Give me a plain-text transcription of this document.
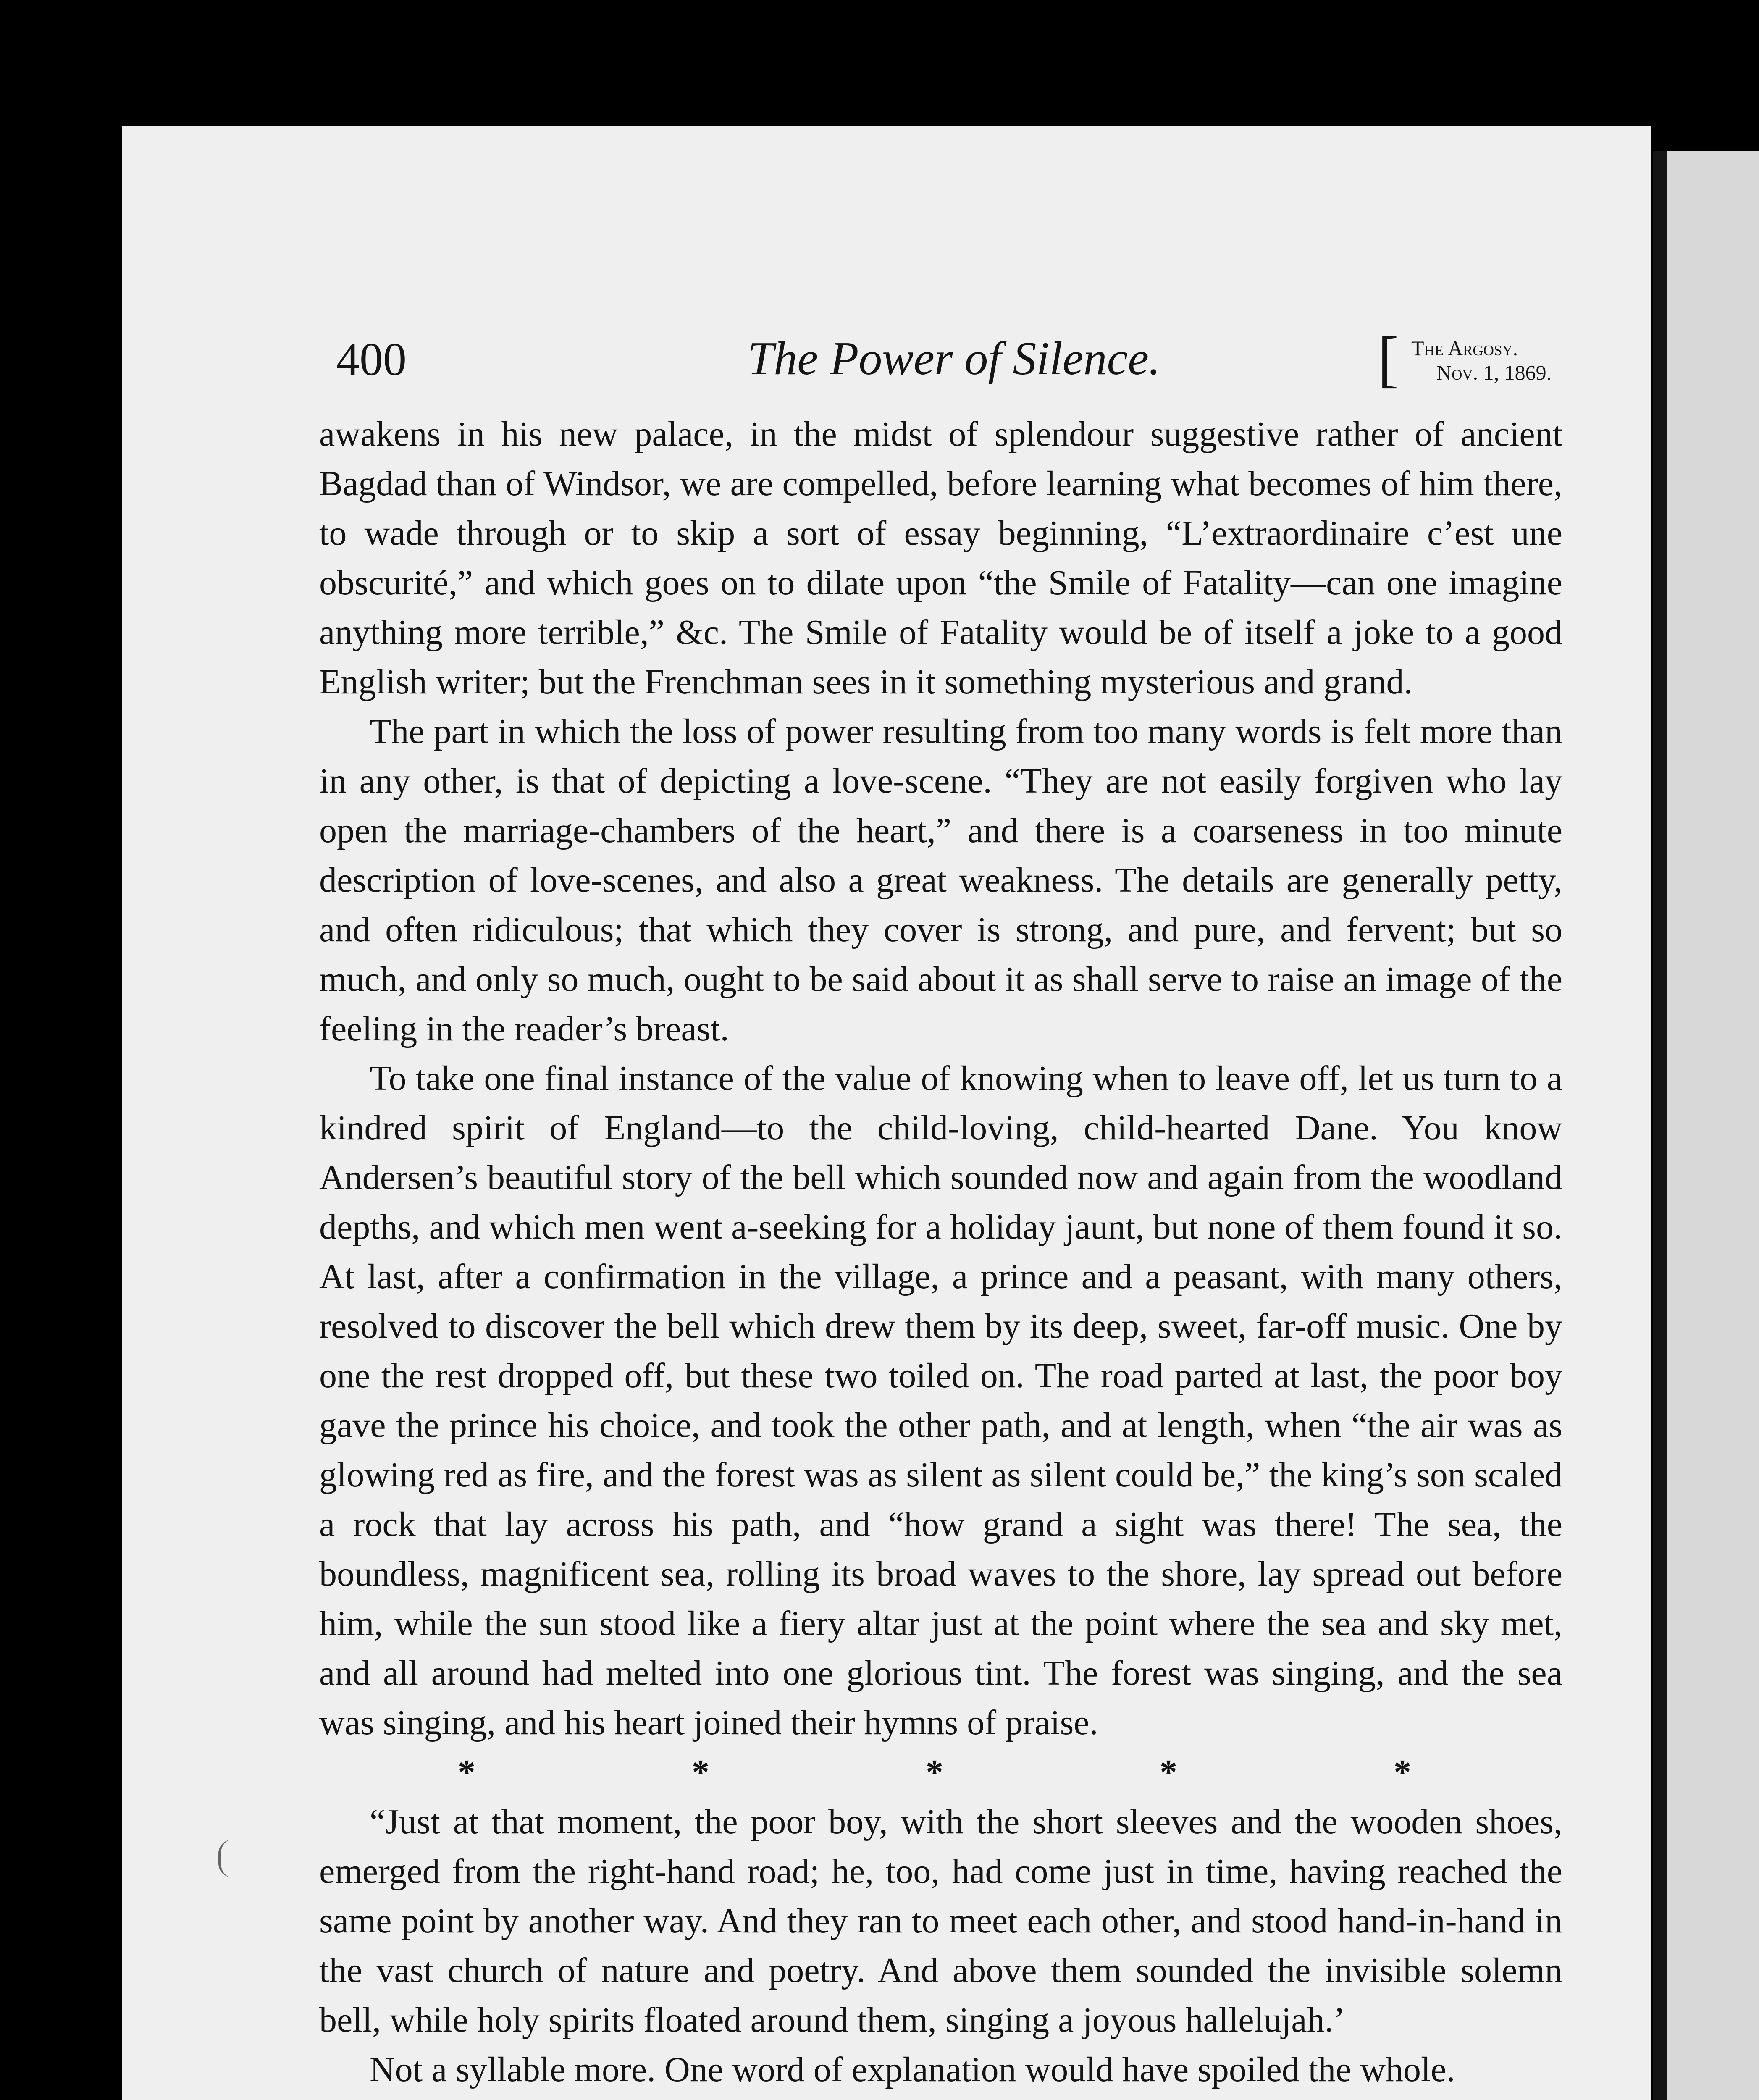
400	The Power of Silence.	[ The Argosy.
Nov. 1, 1869.

awakens in his new palace, in the midst of splendour suggestive rather of ancient Bagdad than of Windsor, we are compelled, before learning what becomes of him there, to wade through or to skip a sort of essay beginning, “L’extraordinaire c’est une obscurité,” and which goes on to dilate upon “the Smile of Fatality—can one imagine anything more terrible,” &c. The Smile of Fatality would be of itself a joke to a good English writer; but the Frenchman sees in it something mysterious and grand.

The part in which the loss of power resulting from too many words is felt more than in any other, is that of depicting a love-scene. “They are not easily forgiven who lay open the marriage-chambers of the heart,” and there is a coarseness in too minute description of love-scenes, and also a great weakness. The details are generally petty, and often ridiculous; that which they cover is strong, and pure, and fervent; but so much, and only so much, ought to be said about it as shall serve to raise an image of the feeling in the reader’s breast.

To take one final instance of the value of knowing when to leave off, let us turn to a kindred spirit of England—to the child-loving, child-hearted Dane. You know Andersen’s beautiful story of the bell which sounded now and again from the woodland depths, and which men went a-seeking for a holiday jaunt, but none of them found it so. At last, after a confirmation in the village, a prince and a peasant, with many others, resolved to discover the bell which drew them by its deep, sweet, far-off music. One by one the rest dropped off, but these two toiled on. The road parted at last, the poor boy gave the prince his choice, and took the other path, and at length, when “the air was as glowing red as fire, and the forest was as silent as silent could be,” the king’s son scaled a rock that lay across his path, and “how grand a sight was there! The sea, the boundless, magnificent sea, rolling its broad waves to the shore, lay spread out before him, while the sun stood like a fiery altar just at the point where the sea and sky met, and all around had melted into one glorious tint. The forest was singing, and the sea was singing, and his heart joined their hymns of praise.

*	*	*	*	*

“Just at that moment, the poor boy, with the short sleeves and the wooden shoes, emerged from the right-hand road; he, too, had come just in time, having reached the same point by another way. And they ran to meet each other, and stood hand-in-hand in the vast church of nature and poetry. And above them sounded the invisible solemn bell, while holy spirits floated around them, singing a joyous hallelujah.’

Not a syllable more. One word of explanation would have spoiled the whole.
